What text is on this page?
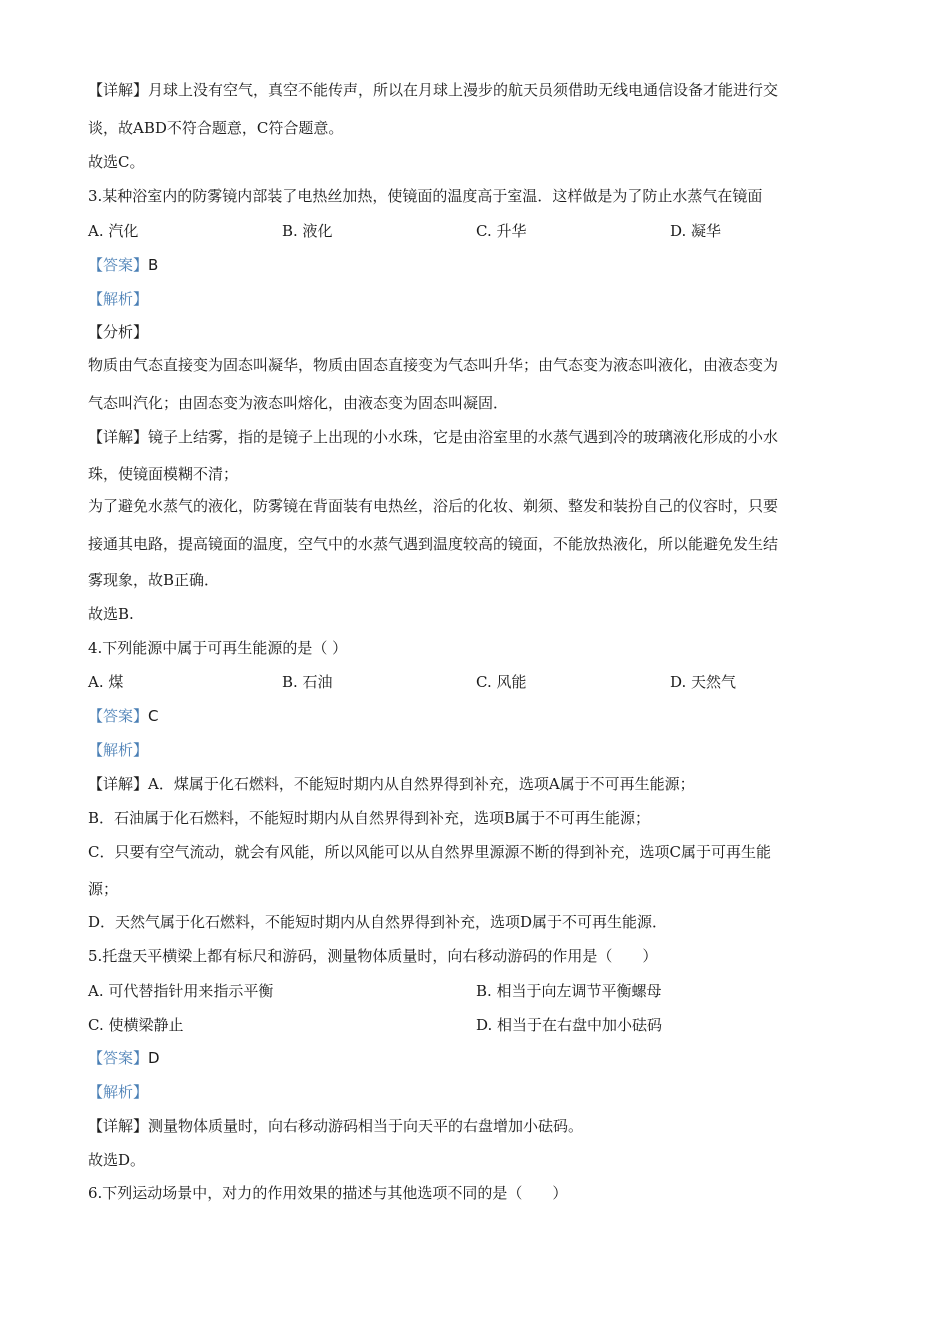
【详解】月球上没有空气，真空不能传声，所以在月球上漫步的航天员须借助无线电通信设备才能进行交
谈，故ABD不符合题意，C符合题意。
故选C。
3.某种浴室内的防雾镜内部装了电热丝加热，使镜面的温度高于室温．这样做是为了防止水蒸气在镜面
A. 汽化	B. 液化	C. 升华	D. 凝华
【答案】B
【解析】
【分析】
物质由气态直接变为固态叫凝华，物质由固态直接变为气态叫升华；由气态变为液态叫液化，由液态变为
气态叫汽化；由固态变为液态叫熔化，由液态变为固态叫凝固．
【详解】镜子上结雾，指的是镜子上出现的小水珠，它是由浴室里的水蒸气遇到冷的玻璃液化形成的小水
珠，使镜面模糊不清；
为了避免水蒸气的液化，防雾镜在背面装有电热丝，浴后的化妆、剃须、整发和装扮自己的仪容时，只要
接通其电路，提高镜面的温度，空气中的水蒸气遇到温度较高的镜面，不能放热液化，所以能避免发生结
雾现象，故B正确．
故选B.
4.下列能源中属于可再生能源的是（ ）
A. 煤	B. 石油	C. 风能	D. 天然气
【答案】C
【解析】
【详解】A．煤属于化石燃料，不能短时期内从自然界得到补充，选项A属于不可再生能源；
B．石油属于化石燃料，不能短时期内从自然界得到补充，选项B属于不可再生能源；
C．只要有空气流动，就会有风能，所以风能可以从自然界里源源不断的得到补充，选项C属于可再生能
源；
D．天然气属于化石燃料，不能短时期内从自然界得到补充，选项D属于不可再生能源．
5.托盘天平横梁上都有标尺和游码，测量物体质量时，向右移动游码的作用是（　　）
A. 可代替指针用来指示平衡	B. 相当于向左调节平衡螺母
C. 使横梁静止	D. 相当于在右盘中加小砝码
【答案】D
【解析】
【详解】测量物体质量时，向右移动游码相当于向天平的右盘增加小砝码。
故选D。
6.下列运动场景中，对力的作用效果的描述与其他选项不同的是（　　）
